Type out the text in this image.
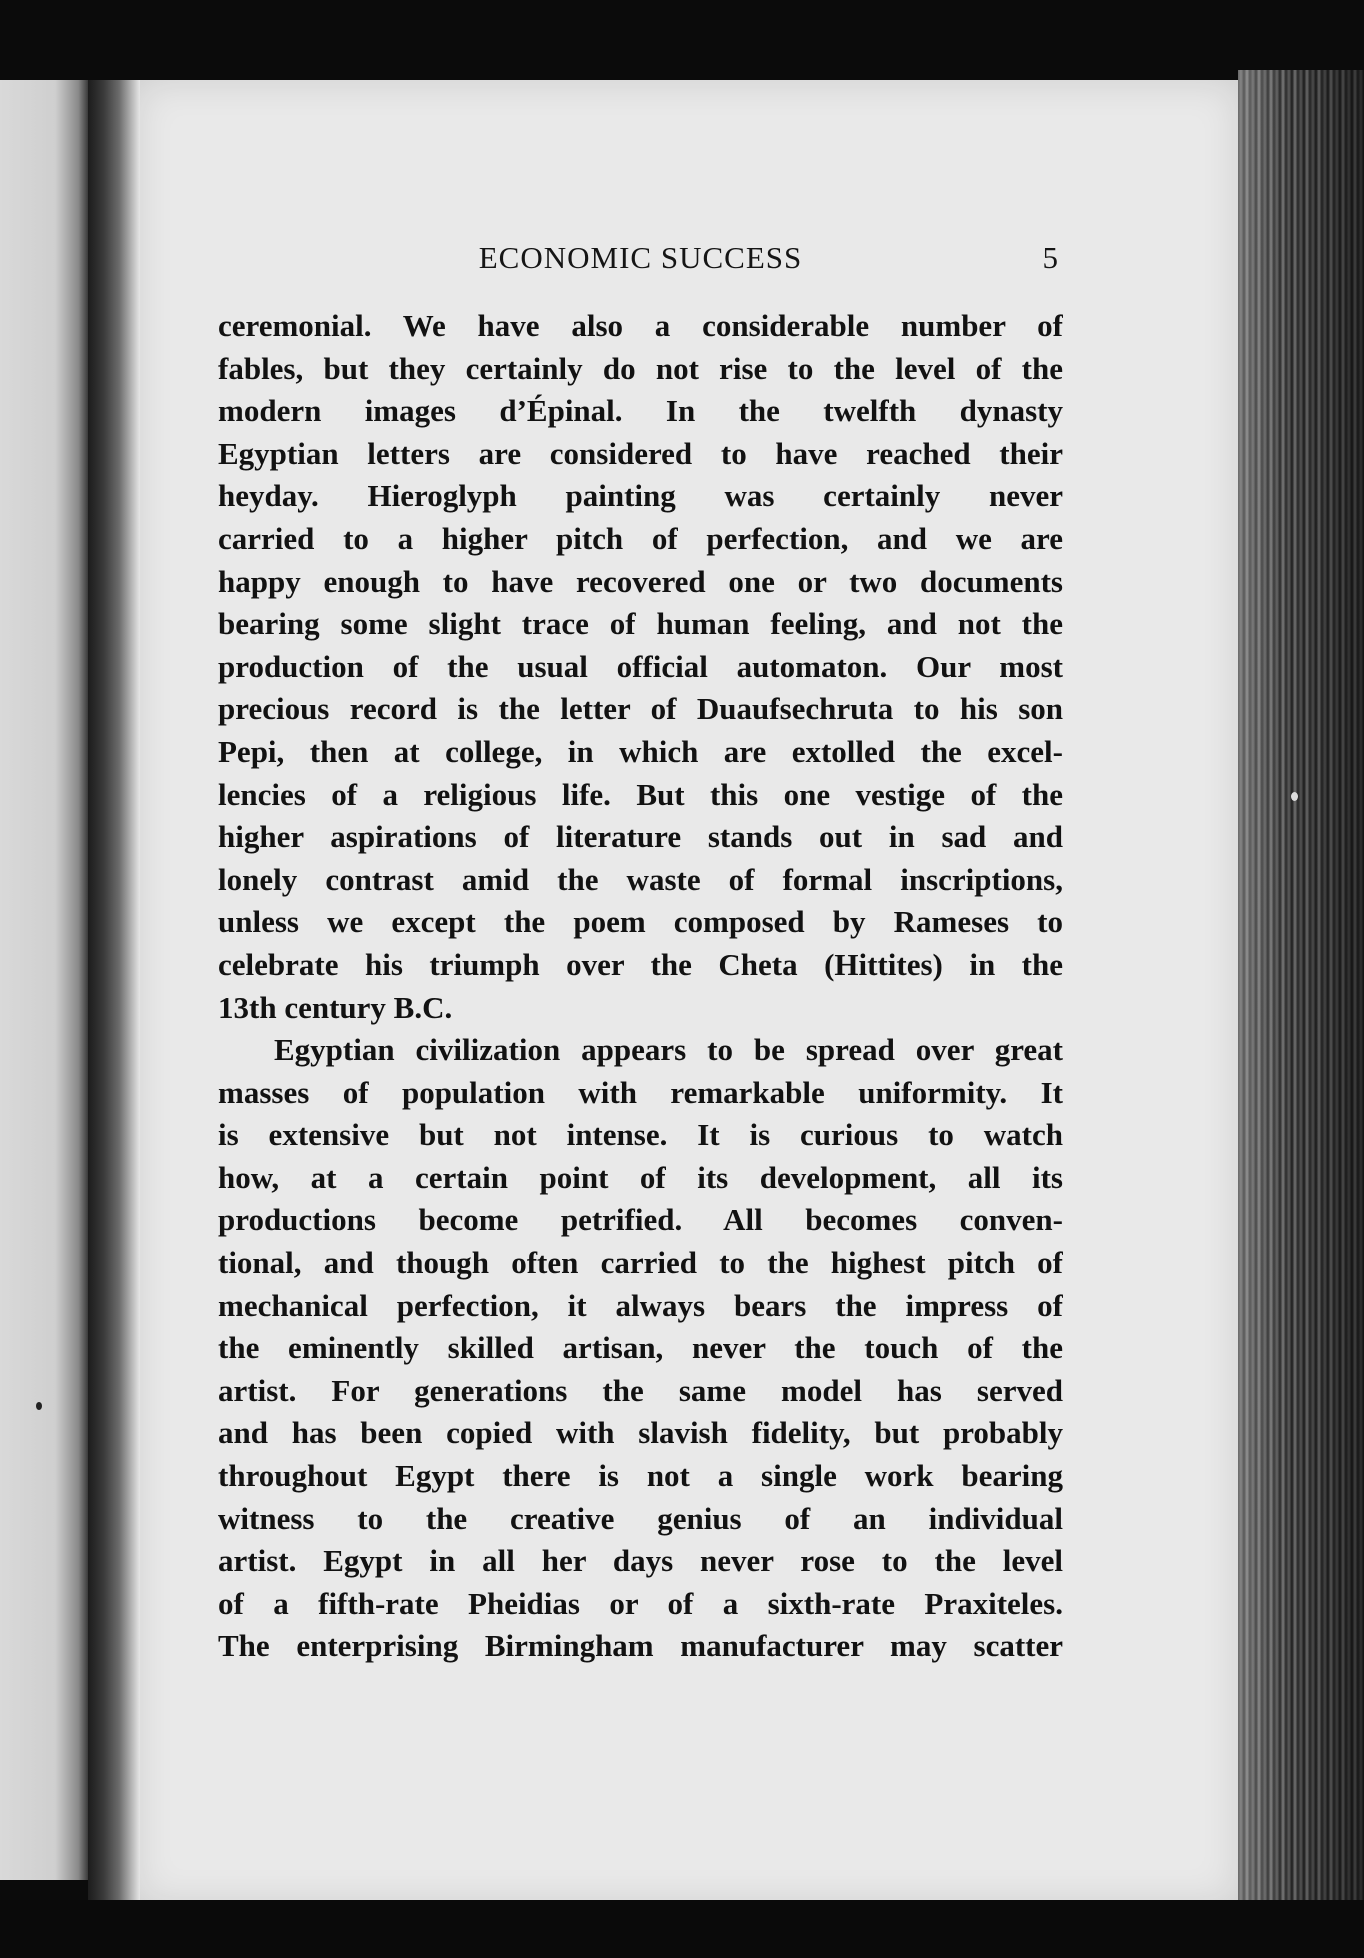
ECONOMIC SUCCESS	5
ceremonial. We have also a considerable number of
fables, but they certainly do not rise to the level of the
modern images d’Épinal. In the twelfth dynasty
Egyptian letters are considered to have reached their
heyday. Hieroglyph painting was certainly never
carried to a higher pitch of perfection, and we are
happy enough to have recovered one or two documents
bearing some slight trace of human feeling, and not the
production of the usual official automaton. Our most
precious record is the letter of Duaufsechruta to his son
Pepi, then at college, in which are extolled the excel-
lencies of a religious life. But this one vestige of the
higher aspirations of literature stands out in sad and
lonely contrast amid the waste of formal inscriptions,
unless we except the poem composed by Rameses to
celebrate his triumph over the Cheta (Hittites) in the
13th century B.C.
Egyptian civilization appears to be spread over great
masses of population with remarkable uniformity. It
is extensive but not intense. It is curious to watch
how, at a certain point of its development, all its
productions become petrified. All becomes conven-
tional, and though often carried to the highest pitch of
mechanical perfection, it always bears the impress of
the eminently skilled artisan, never the touch of the
artist. For generations the same model has served
and has been copied with slavish fidelity, but probably
throughout Egypt there is not a single work bearing
witness to the creative genius of an individual
artist. Egypt in all her days never rose to the level
of a fifth-rate Pheidias or of a sixth-rate Praxiteles.
The enterprising Birmingham manufacturer may scatter
